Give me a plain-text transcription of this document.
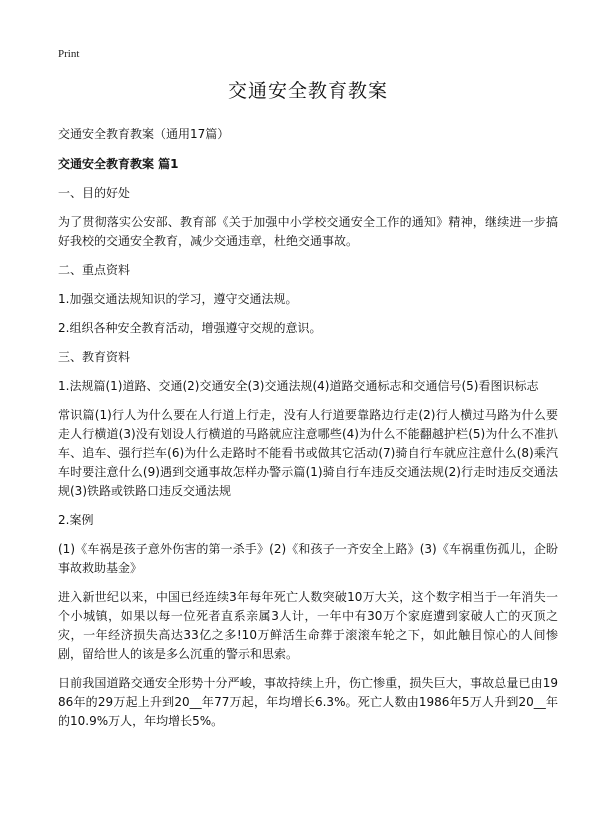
Print
交通安全教育教案

交通安全教育教案（通用17篇）

交通安全教育教案 篇1

一、目的好处

为了贯彻落实公安部、教育部《关于加强中小学校交通安全工作的通知》精神，继续进一步搞好我校的交通安全教育，减少交通违章，杜绝交通事故。

二、重点资料

1.加强交通法规知识的学习，遵守交通法规。

2.组织各种安全教育活动，增强遵守交规的意识。

三、教育资料

1.法规篇(1)道路、交通(2)交通安全(3)交通法规(4)道路交通标志和交通信号(5)看图识标志

常识篇(1)行人为什么要在人行道上行走，没有人行道要靠路边行走(2)行人横过马路为什么要走人行横道(3)没有划设人行横道的马路就应注意哪些(4)为什么不能翻越护栏(5)为什么不准扒车、追车、强行拦车(6)为什么走路时不能看书或做其它活动(7)骑自行车就应注意什么(8)乘汽车时要注意什么(9)遇到交通事故怎样办警示篇(1)骑自行车违反交通法规(2)行走时违反交通法规(3)铁路或铁路口违反交通法规

2.案例

(1)《车祸是孩子意外伤害的第一杀手》(2)《和孩子一齐安全上路》(3)《车祸重伤孤儿，企盼事故救助基金》

进入新世纪以来，中国已经连续3年每年死亡人数突破10万大关，这个数字相当于一年消失一个小城镇，如果以每一位死者直系亲属3人计，一年中有30万个家庭遭到家破人亡的灭顶之灾，一年经济损失高达33亿之多!10万鲜活生命葬于滚滚车轮之下，如此触目惊心的人间惨剧，留给世人的该是多么沉重的警示和思索。

日前我国道路交通安全形势十分严峻，事故持续上升，伤亡惨重，损失巨大，事故总量已由1986年的29万起上升到20__年77万起，年均增长6.3%。死亡人数由1986年5万人升到20__年的10.9%万人，年均增长5%。
